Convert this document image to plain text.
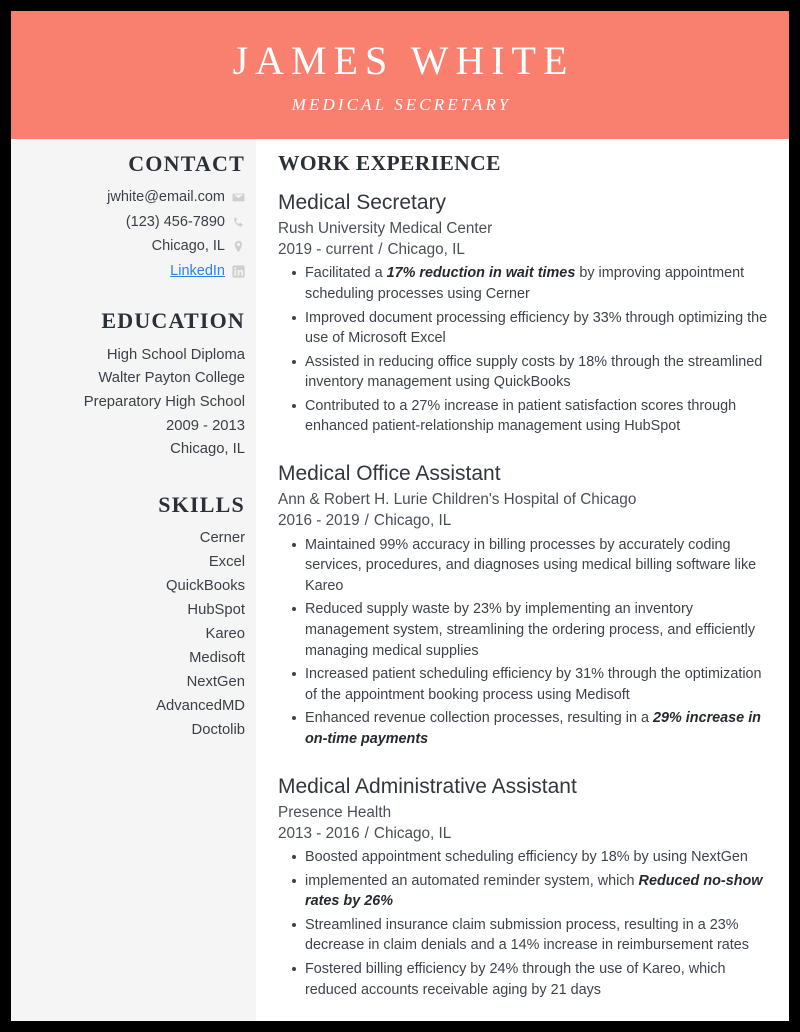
JAMES WHITE
MEDICAL SECRETARY
CONTACT
jwhite@email.com
(123) 456-7890
Chicago, IL
LinkedIn
EDUCATION
High School Diploma
Walter Payton College
Preparatory High School
2009 - 2013
Chicago, IL
SKILLS
Cerner
Excel
QuickBooks
HubSpot
Kareo
Medisoft
NextGen
AdvancedMD
Doctolib
WORK EXPERIENCE
Medical Secretary
Rush University Medical Center
2019 - current / Chicago, IL
Facilitated a 17% reduction in wait times by improving appointment scheduling processes using Cerner
Improved document processing efficiency by 33% through optimizing the use of Microsoft Excel
Assisted in reducing office supply costs by 18% through the streamlined inventory management using QuickBooks
Contributed to a 27% increase in patient satisfaction scores through enhanced patient-relationship management using HubSpot
Medical Office Assistant
Ann & Robert H. Lurie Children's Hospital of Chicago
2016 - 2019 / Chicago, IL
Maintained 99% accuracy in billing processes by accurately coding services, procedures, and diagnoses using medical billing software like Kareo
Reduced supply waste by 23% by implementing an inventory management system, streamlining the ordering process, and efficiently managing medical supplies
Increased patient scheduling efficiency by 31% through the optimization of the appointment booking process using Medisoft
Enhanced revenue collection processes, resulting in a 29% increase in on-time payments
Medical Administrative Assistant
Presence Health
2013 - 2016 / Chicago, IL
Boosted appointment scheduling efficiency by 18% by using NextGen
implemented an automated reminder system, which Reduced no-show rates by 26%
Streamlined insurance claim submission process, resulting in a 23% decrease in claim denials and a 14% increase in reimbursement rates
Fostered billing efficiency by 24% through the use of Kareo, which reduced accounts receivable aging by 21 days
